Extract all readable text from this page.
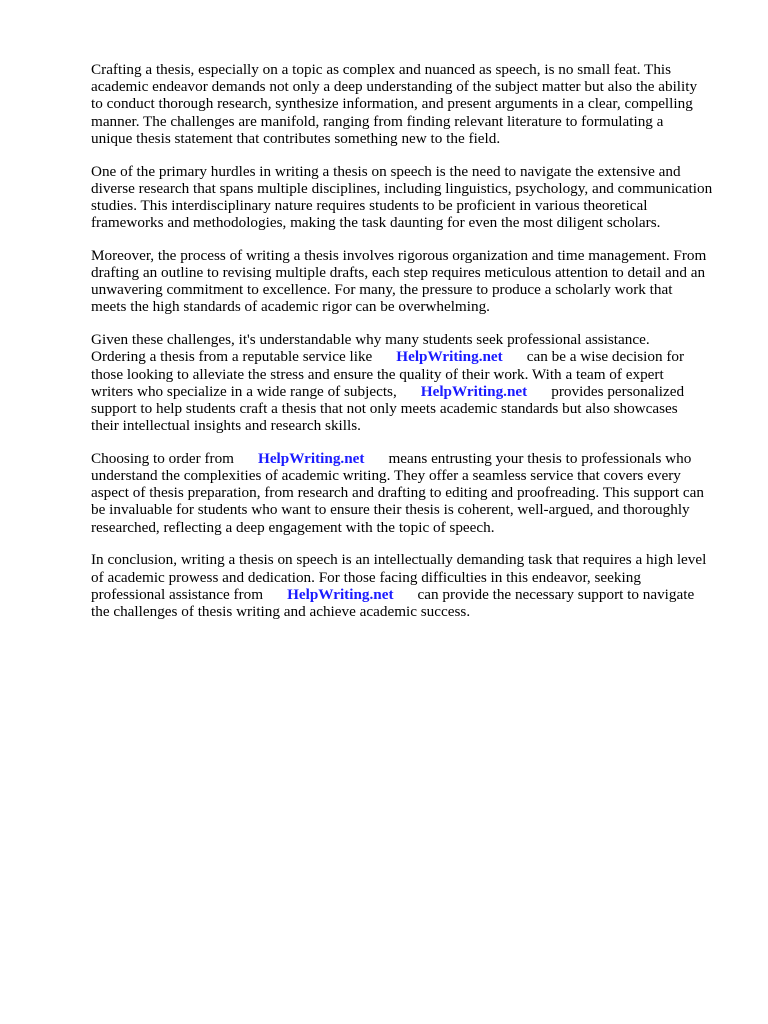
Crafting a thesis, especially on a topic as complex and nuanced as speech, is no small feat. This
academic endeavor demands not only a deep understanding of the subject matter but also the ability
to conduct thorough research, synthesize information, and present arguments in a clear, compelling
manner. The challenges are manifold, ranging from finding relevant literature to formulating a
unique thesis statement that contributes something new to the field.

One of the primary hurdles in writing a thesis on speech is the need to navigate the extensive and
diverse research that spans multiple disciplines, including linguistics, psychology, and communication
studies. This interdisciplinary nature requires students to be proficient in various theoretical
frameworks and methodologies, making the task daunting for even the most diligent scholars.

Moreover, the process of writing a thesis involves rigorous organization and time management. From
drafting an outline to revising multiple drafts, each step requires meticulous attention to detail and an
unwavering commitment to excellence. For many, the pressure to produce a scholarly work that
meets the high standards of academic rigor can be overwhelming.

Given these challenges, it's understandable why many students seek professional assistance.
Ordering a thesis from a reputable service like HelpWriting.net can be a wise decision for
those looking to alleviate the stress and ensure the quality of their work. With a team of expert
writers who specialize in a wide range of subjects, HelpWriting.net provides personalized
support to help students craft a thesis that not only meets academic standards but also showcases
their intellectual insights and research skills.

Choosing to order from HelpWriting.net means entrusting your thesis to professionals who
understand the complexities of academic writing. They offer a seamless service that covers every
aspect of thesis preparation, from research and drafting to editing and proofreading. This support can
be invaluable for students who want to ensure their thesis is coherent, well-argued, and thoroughly
researched, reflecting a deep engagement with the topic of speech.

In conclusion, writing a thesis on speech is an intellectually demanding task that requires a high level
of academic prowess and dedication. For those facing difficulties in this endeavor, seeking
professional assistance from HelpWriting.net can provide the necessary support to navigate
the challenges of thesis writing and achieve academic success.
